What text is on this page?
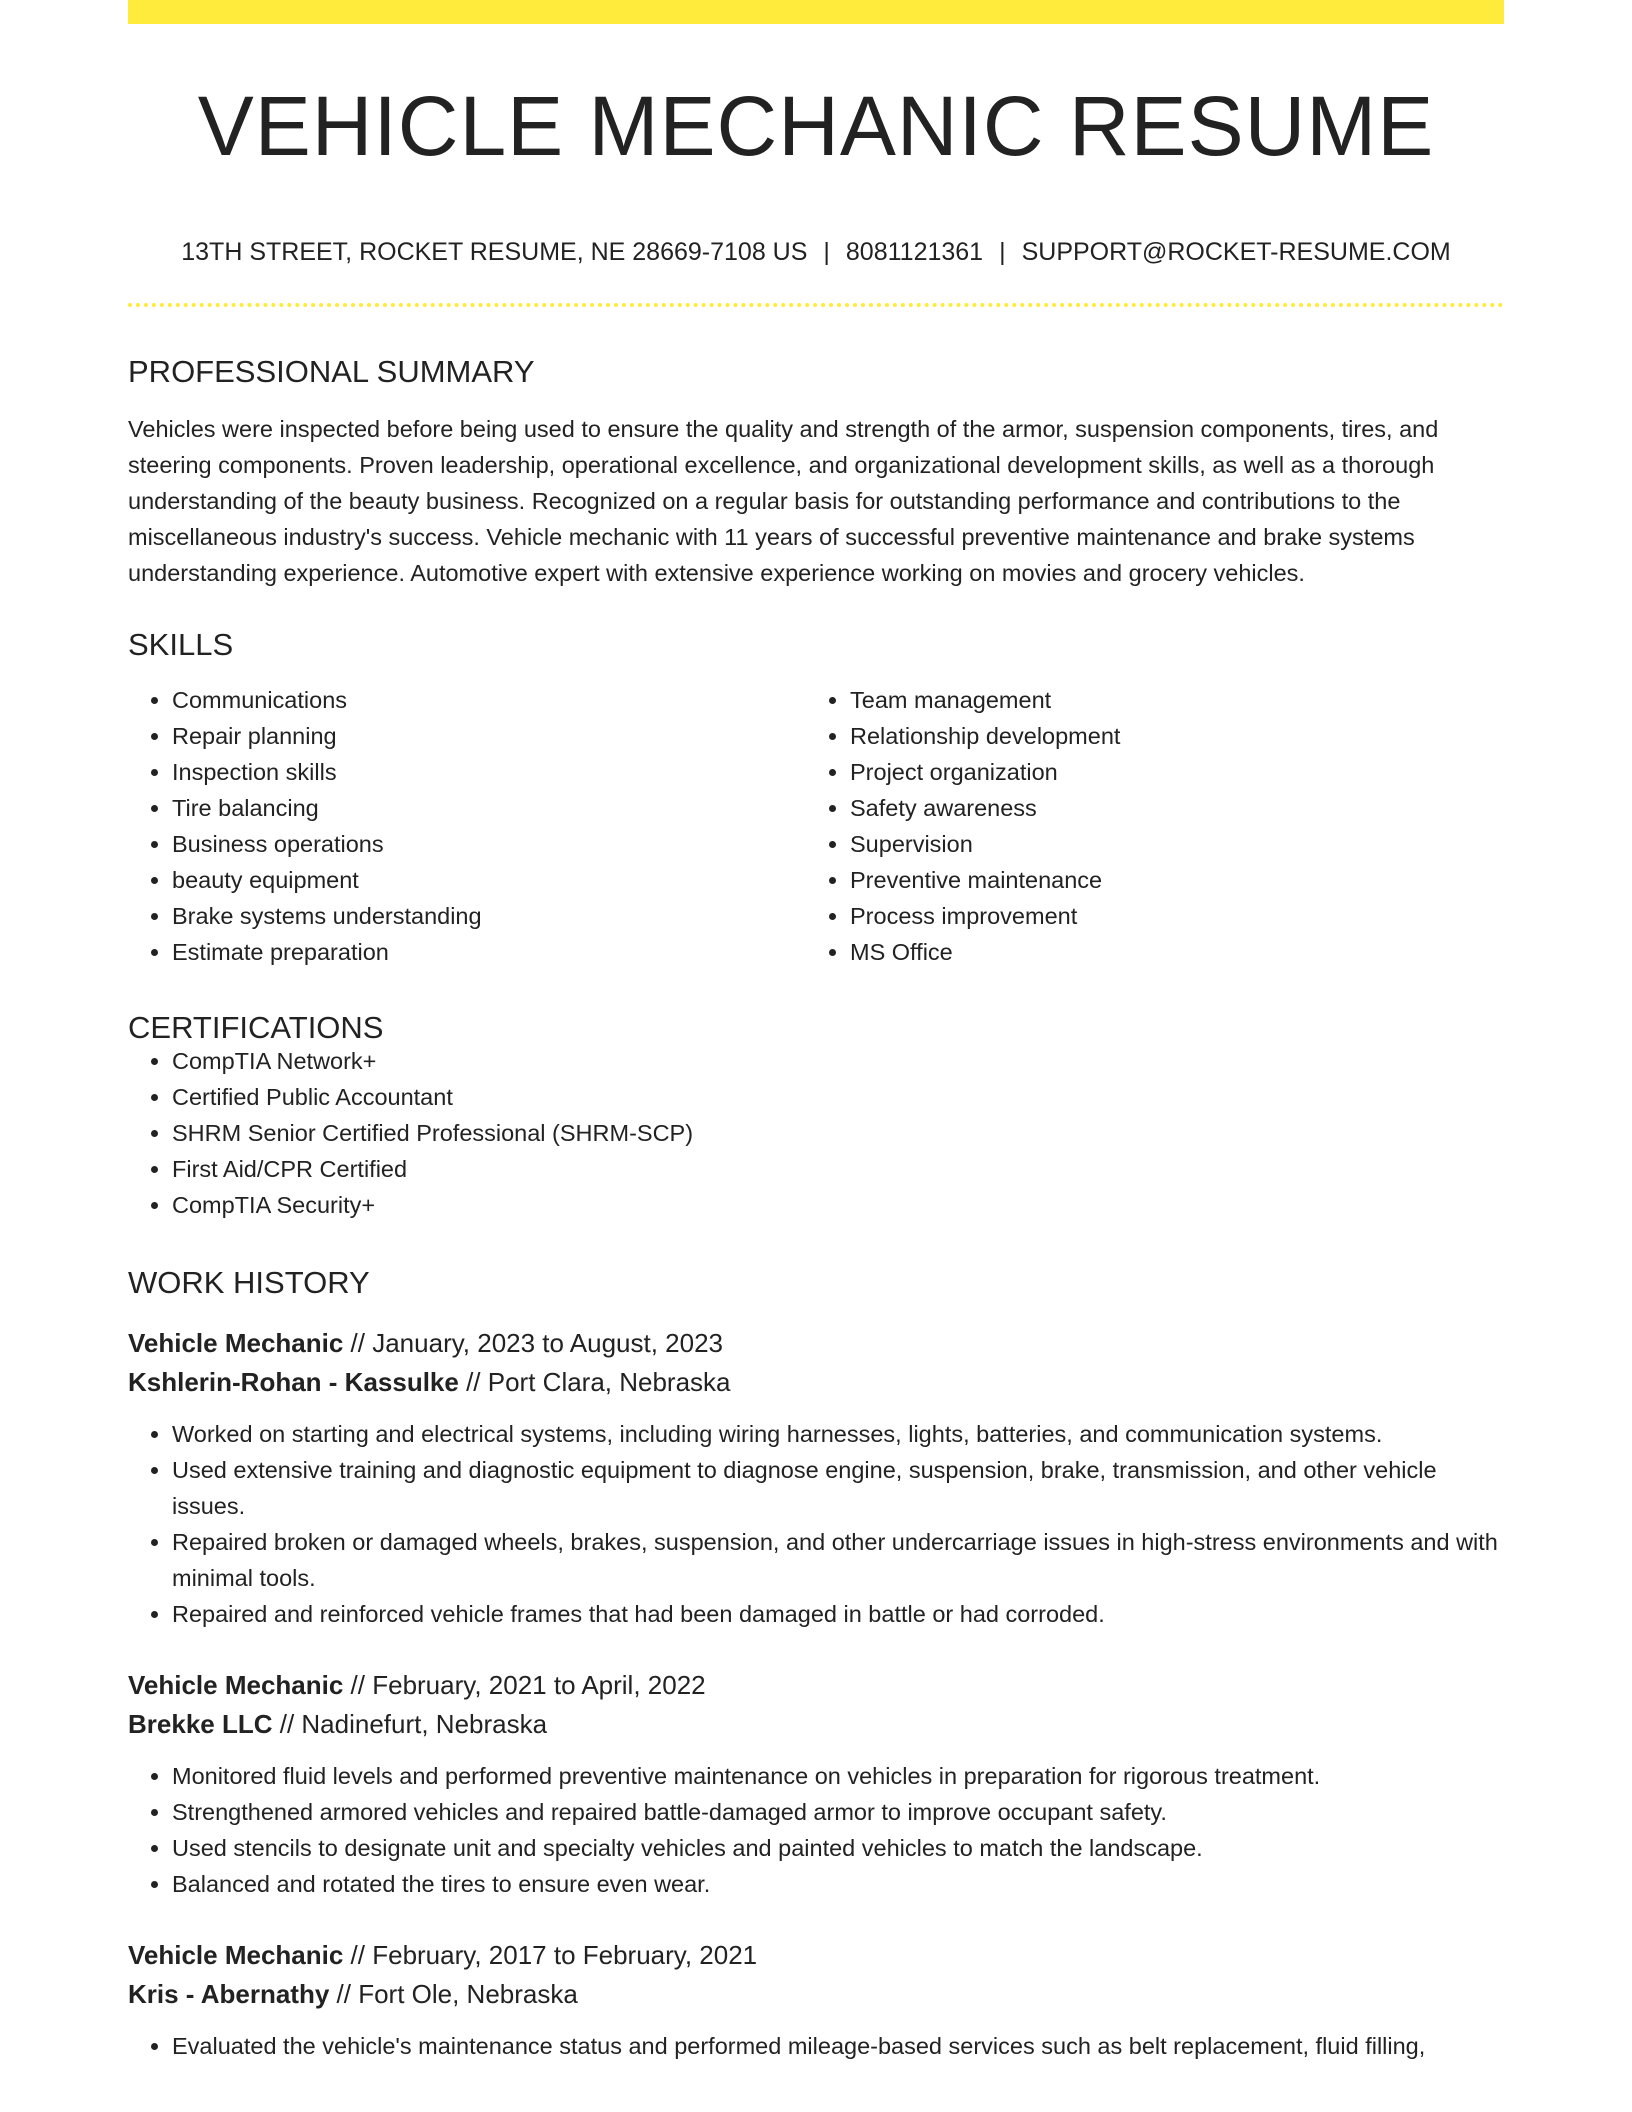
VEHICLE MECHANIC RESUME
13TH STREET, ROCKET RESUME, NE 28669-7108 US | 8081121361 | SUPPORT@ROCKET-RESUME.COM
PROFESSIONAL SUMMARY

Vehicles were inspected before being used to ensure the quality and strength of the armor, suspension components, tires, and steering components. Proven leadership, operational excellence, and organizational development skills, as well as a thorough understanding of the beauty business. Recognized on a regular basis for outstanding performance and contributions to the miscellaneous industry's success. Vehicle mechanic with 11 years of successful preventive maintenance and brake systems understanding experience. Automotive expert with extensive experience working on movies and grocery vehicles.

SKILLS
• Communications
• Repair planning
• Inspection skills
• Tire balancing
• Business operations
• beauty equipment
• Brake systems understanding
• Estimate preparation
• Team management
• Relationship development
• Project organization
• Safety awareness
• Supervision
• Preventive maintenance
• Process improvement
• MS Office
CERTIFICATIONS
• CompTIA Network+
• Certified Public Accountant
• SHRM Senior Certified Professional (SHRM-SCP)
• First Aid/CPR Certified
• CompTIA Security+
WORK HISTORY
Vehicle Mechanic // January, 2023 to August, 2023
Kshlerin-Rohan - Kassulke // Port Clara, Nebraska
• Worked on starting and electrical systems, including wiring harnesses, lights, batteries, and communication systems.
• Used extensive training and diagnostic equipment to diagnose engine, suspension, brake, transmission, and other vehicle issues.
• Repaired broken or damaged wheels, brakes, suspension, and other undercarriage issues in high-stress environments and with minimal tools.
• Repaired and reinforced vehicle frames that had been damaged in battle or had corroded.
Vehicle Mechanic // February, 2021 to April, 2022
Brekke LLC // Nadinefurt, Nebraska
• Monitored fluid levels and performed preventive maintenance on vehicles in preparation for rigorous treatment.
• Strengthened armored vehicles and repaired battle-damaged armor to improve occupant safety.
• Used stencils to designate unit and specialty vehicles and painted vehicles to match the landscape.
• Balanced and rotated the tires to ensure even wear.
Vehicle Mechanic // February, 2017 to February, 2021
Kris - Abernathy // Fort Ole, Nebraska
• Evaluated the vehicle's maintenance status and performed mileage-based services such as belt replacement, fluid filling,
